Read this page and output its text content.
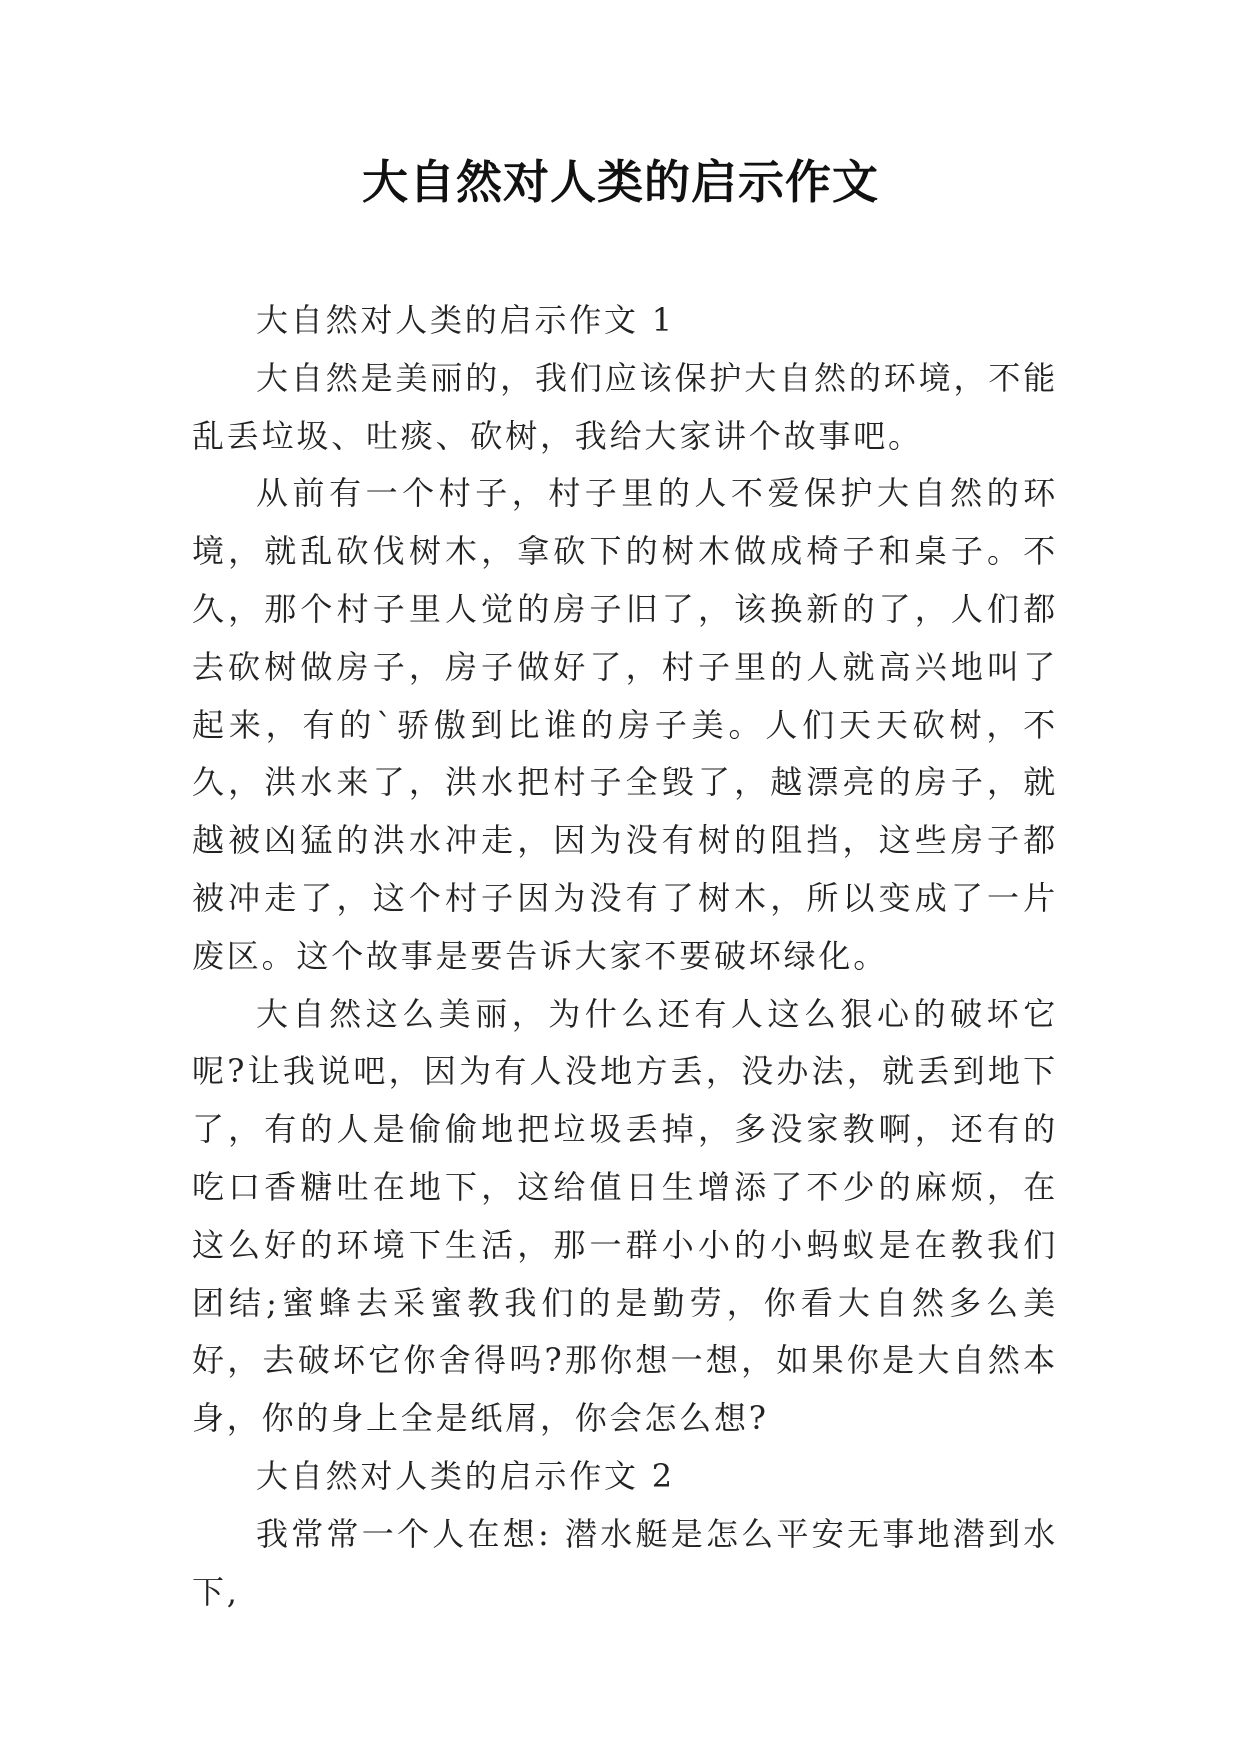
大自然对人类的启示作文

大自然对人类的启示作文 1

大自然是美丽的，我们应该保护大自然的环境，不能乱丢垃圾、吐痰、砍树，我给大家讲个故事吧。

从前有一个村子，村子里的人不爱保护大自然的环境，就乱砍伐树木，拿砍下的树木做成椅子和桌子。不久，那个村子里人觉的房子旧了，该换新的了，人们都去砍树做房子，房子做好了，村子里的人就高兴地叫了起来，有的`骄傲到比谁的房子美。人们天天砍树，不久，洪水来了，洪水把村子全毁了，越漂亮的房子，就越被凶猛的洪水冲走，因为没有树的阻挡，这些房子都被冲走了，这个村子因为没有了树木，所以变成了一片废区。这个故事是要告诉大家不要破坏绿化。

大自然这么美丽，为什么还有人这么狠心的破坏它呢?让我说吧，因为有人没地方丢，没办法，就丢到地下了，有的人是偷偷地把垃圾丢掉，多没家教啊，还有的吃口香糖吐在地下，这给值日生增添了不少的麻烦，在这么好的环境下生活，那一群小小的小蚂蚁是在教我们团结;蜜蜂去采蜜教我们的是勤劳，你看大自然多么美好，去破坏它你舍得吗?那你想一想，如果你是大自然本身，你的身上全是纸屑，你会怎么想?

大自然对人类的启示作文 2

我常常一个人在想: 潜水艇是怎么平安无事地潜到水下,
